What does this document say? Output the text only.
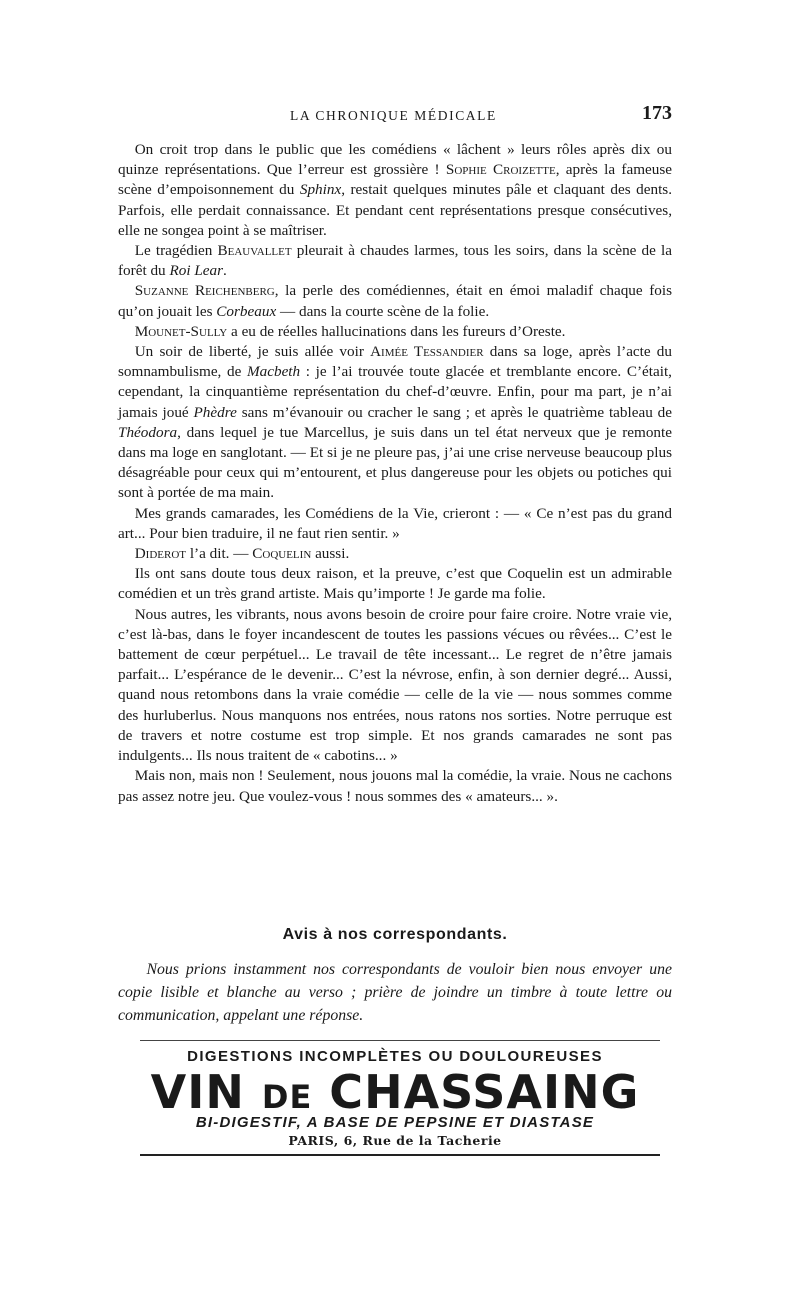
LA CHRONIQUE MÉDICALE	173

On croit trop dans le public que les comédiens « lâchent » leurs rôles après dix ou quinze représentations. Que l’erreur est grossière ! Sophie Croizette, après la fameuse scène d’empoisonnement du Sphinx, restait quelques minutes pâle et claquant des dents. Parfois, elle perdait connaissance. Et pendant cent représentations presque consécutives, elle ne songea point à se maîtriser.

Le tragédien Beauvallet pleurait à chaudes larmes, tous les soirs, dans la scène de la forêt du Roi Lear.

Suzanne Reichenberg, la perle des comédiennes, était en émoi maladif chaque fois qu’on jouait les Corbeaux — dans la courte scène de la folie.

Mounet-Sully a eu de réelles hallucinations dans les fureurs d’Oreste.

Un soir de liberté, je suis allée voir Aimée Tessandier dans sa loge, après l’acte du somnambulisme, de Macbeth : je l’ai trouvée toute glacée et tremblante encore. C’était, cependant, la cinquantième représentation du chef-d’œuvre. Enfin, pour ma part, je n’ai jamais joué Phèdre sans m’évanouir ou cracher le sang ; et après le quatrième tableau de Théodora, dans lequel je tue Marcellus, je suis dans un tel état nerveux que je remonte dans ma loge en sanglotant. — Et si je ne pleure pas, j’ai une crise nerveuse beaucoup plus désagréable pour ceux qui m’entourent, et plus dangereuse pour les objets ou potiches qui sont à portée de ma main.

Mes grands camarades, les Comédiens de la Vie, crieront : — « Ce n’est pas du grand art... Pour bien traduire, il ne faut rien sentir. »

Diderot l’a dit. — Coquelin aussi.

Ils ont sans doute tous deux raison, et la preuve, c’est que Coquelin est un admirable comédien et un très grand artiste. Mais qu’importe ! Je garde ma folie.

Nous autres, les vibrants, nous avons besoin de croire pour faire croire. Notre vraie vie, c’est là-bas, dans le foyer incandescent de toutes les passions vécues ou rêvées... C’est le battement de cœur perpétuel... Le travail de tête incessant... Le regret de n’être jamais parfait... L’espérance de le devenir... C’est la névrose, enfin, à son dernier degré... Aussi, quand nous retombons dans la vraie comédie — celle de la vie — nous sommes comme des hurluberlus. Nous manquons nos entrées, nous ratons nos sorties. Notre perruque est de travers et notre costume est trop simple. Et nos grands camarades ne sont pas indulgents... Ils nous traitent de « cabotins... »

Mais non, mais non ! Seulement, nous jouons mal la comédie, la vraie. Nous ne cachons pas assez notre jeu. Que voulez-vous ! nous sommes des « amateurs... ».

Avis à nos correspondants.
Nous prions instamment nos correspondants de vouloir bien nous envoyer une copie lisible et blanche au verso ; prière de joindre un timbre à toute lettre ou communication, appelant une réponse.
DIGESTIONS INCOMPLÈTES OU DOULOUREUSES
VIN DE CHASSAING
BI-DIGESTIF, A BASE DE PEPSINE ET DIASTASE
PARIS, 6, Rue de la Tacherie
